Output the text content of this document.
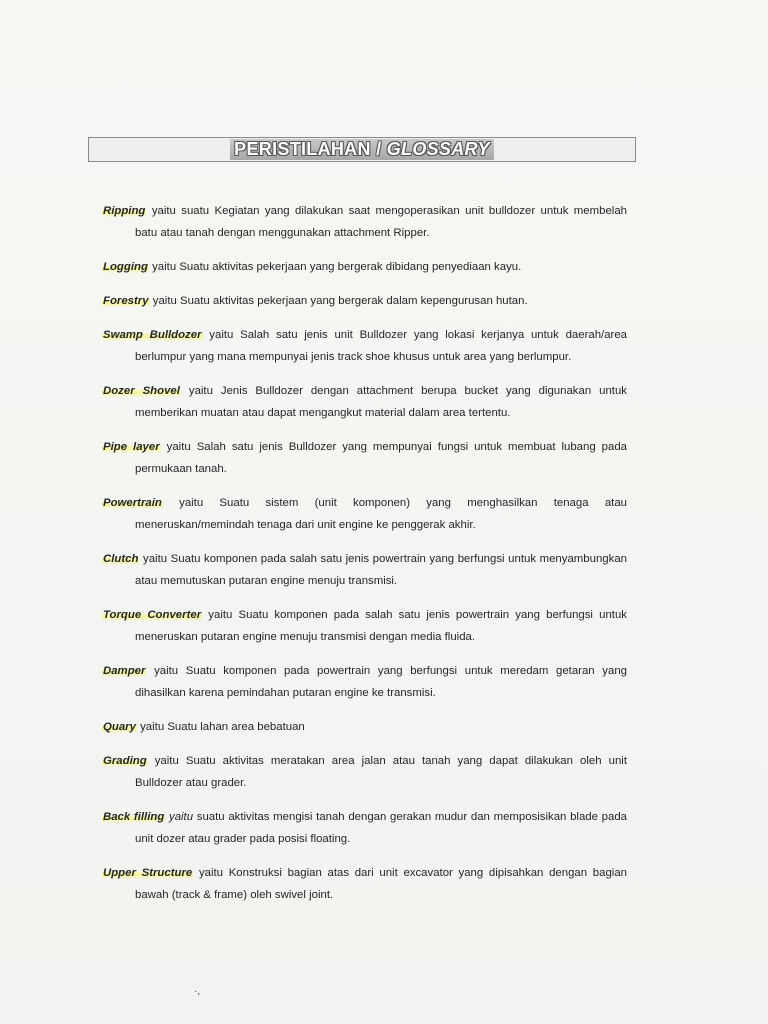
PERISTILAHAN / GLOSSARY
Ripping yaitu suatu Kegiatan yang dilakukan saat mengoperasikan unit bulldozer untuk membelah batu atau tanah dengan menggunakan attachment Ripper.
Logging yaitu Suatu aktivitas pekerjaan yang bergerak dibidang penyediaan kayu.
Forestry yaitu Suatu aktivitas pekerjaan yang bergerak dalam kepengurusan hutan.
Swamp Bulldozer yaitu Salah satu jenis unit Bulldozer yang lokasi kerjanya untuk daerah/area berlumpur yang mana mempunyai jenis track shoe khusus untuk area yang berlumpur.
Dozer Shovel yaitu Jenis Bulldozer dengan attachment berupa bucket yang digunakan untuk memberikan muatan atau dapat mengangkut material dalam area tertentu.
Pipe layer yaitu Salah satu jenis Bulldozer yang mempunyai fungsi untuk membuat lubang pada permukaan tanah.
Powertrain yaitu Suatu sistem (unit komponen) yang menghasilkan tenaga atau meneruskan/memindah tenaga dari unit engine ke penggerak akhir.
Clutch yaitu Suatu komponen pada salah satu jenis powertrain yang berfungsi untuk menyambungkan atau memutuskan putaran engine menuju transmisi.
Torque Converter yaitu Suatu komponen pada salah satu jenis powertrain yang berfungsi untuk meneruskan putaran engine menuju transmisi dengan media fluida.
Damper yaitu Suatu komponen pada powertrain yang berfungsi untuk meredam getaran yang dihasilkan karena pemindahan putaran engine ke transmisi.
Quary yaitu Suatu lahan area bebatuan
Grading yaitu Suatu aktivitas meratakan area jalan atau tanah yang dapat dilakukan oleh unit Bulldozer atau grader.
Back filling yaitu suatu aktivitas mengisi tanah dengan gerakan mudur dan memposisikan blade pada unit dozer atau grader pada posisi floating.
Upper Structure yaitu Konstruksi bagian atas dari unit excavator yang dipisahkan dengan bagian bawah (track & frame) oleh swivel joint.
·,
